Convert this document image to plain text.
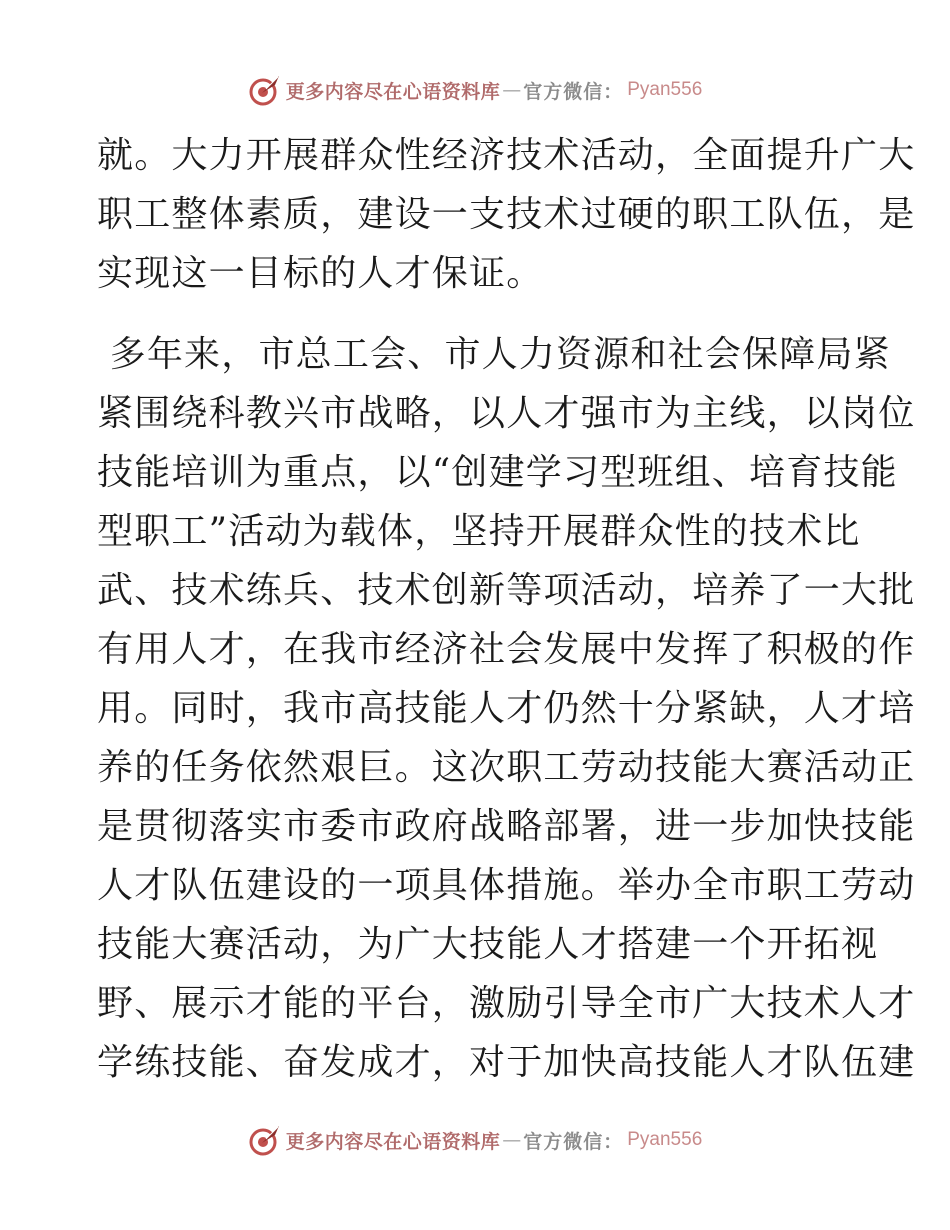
更多内容尽在心语资料库 — 官方微信： Pyan556
就。大力开展群众性经济技术活动，全面提升广大
职工整体素质，建设一支技术过硬的职工队伍，是
实现这一目标的人才保证。
多年来，市总工会、市人力资源和社会保障局紧
紧围绕科教兴市战略，以人才强市为主线，以岗位
技能培训为重点，以“创建学习型班组、培育技能
型职工”活动为载体，坚持开展群众性的技术比
武、技术练兵、技术创新等项活动，培养了一大批
有用人才，在我市经济社会发展中发挥了积极的作
用。同时，我市高技能人才仍然十分紧缺，人才培
养的任务依然艰巨。这次职工劳动技能大赛活动正
是贯彻落实市委市政府战略部署，进一步加快技能
人才队伍建设的一项具体措施。举办全市职工劳动
技能大赛活动，为广大技能人才搭建一个开拓视
野、展示才能的平台，激励引导全市广大技术人才
学练技能、奋发成才，对于加快高技能人才队伍建
更多内容尽在心语资料库 — 官方微信： Pyan556
